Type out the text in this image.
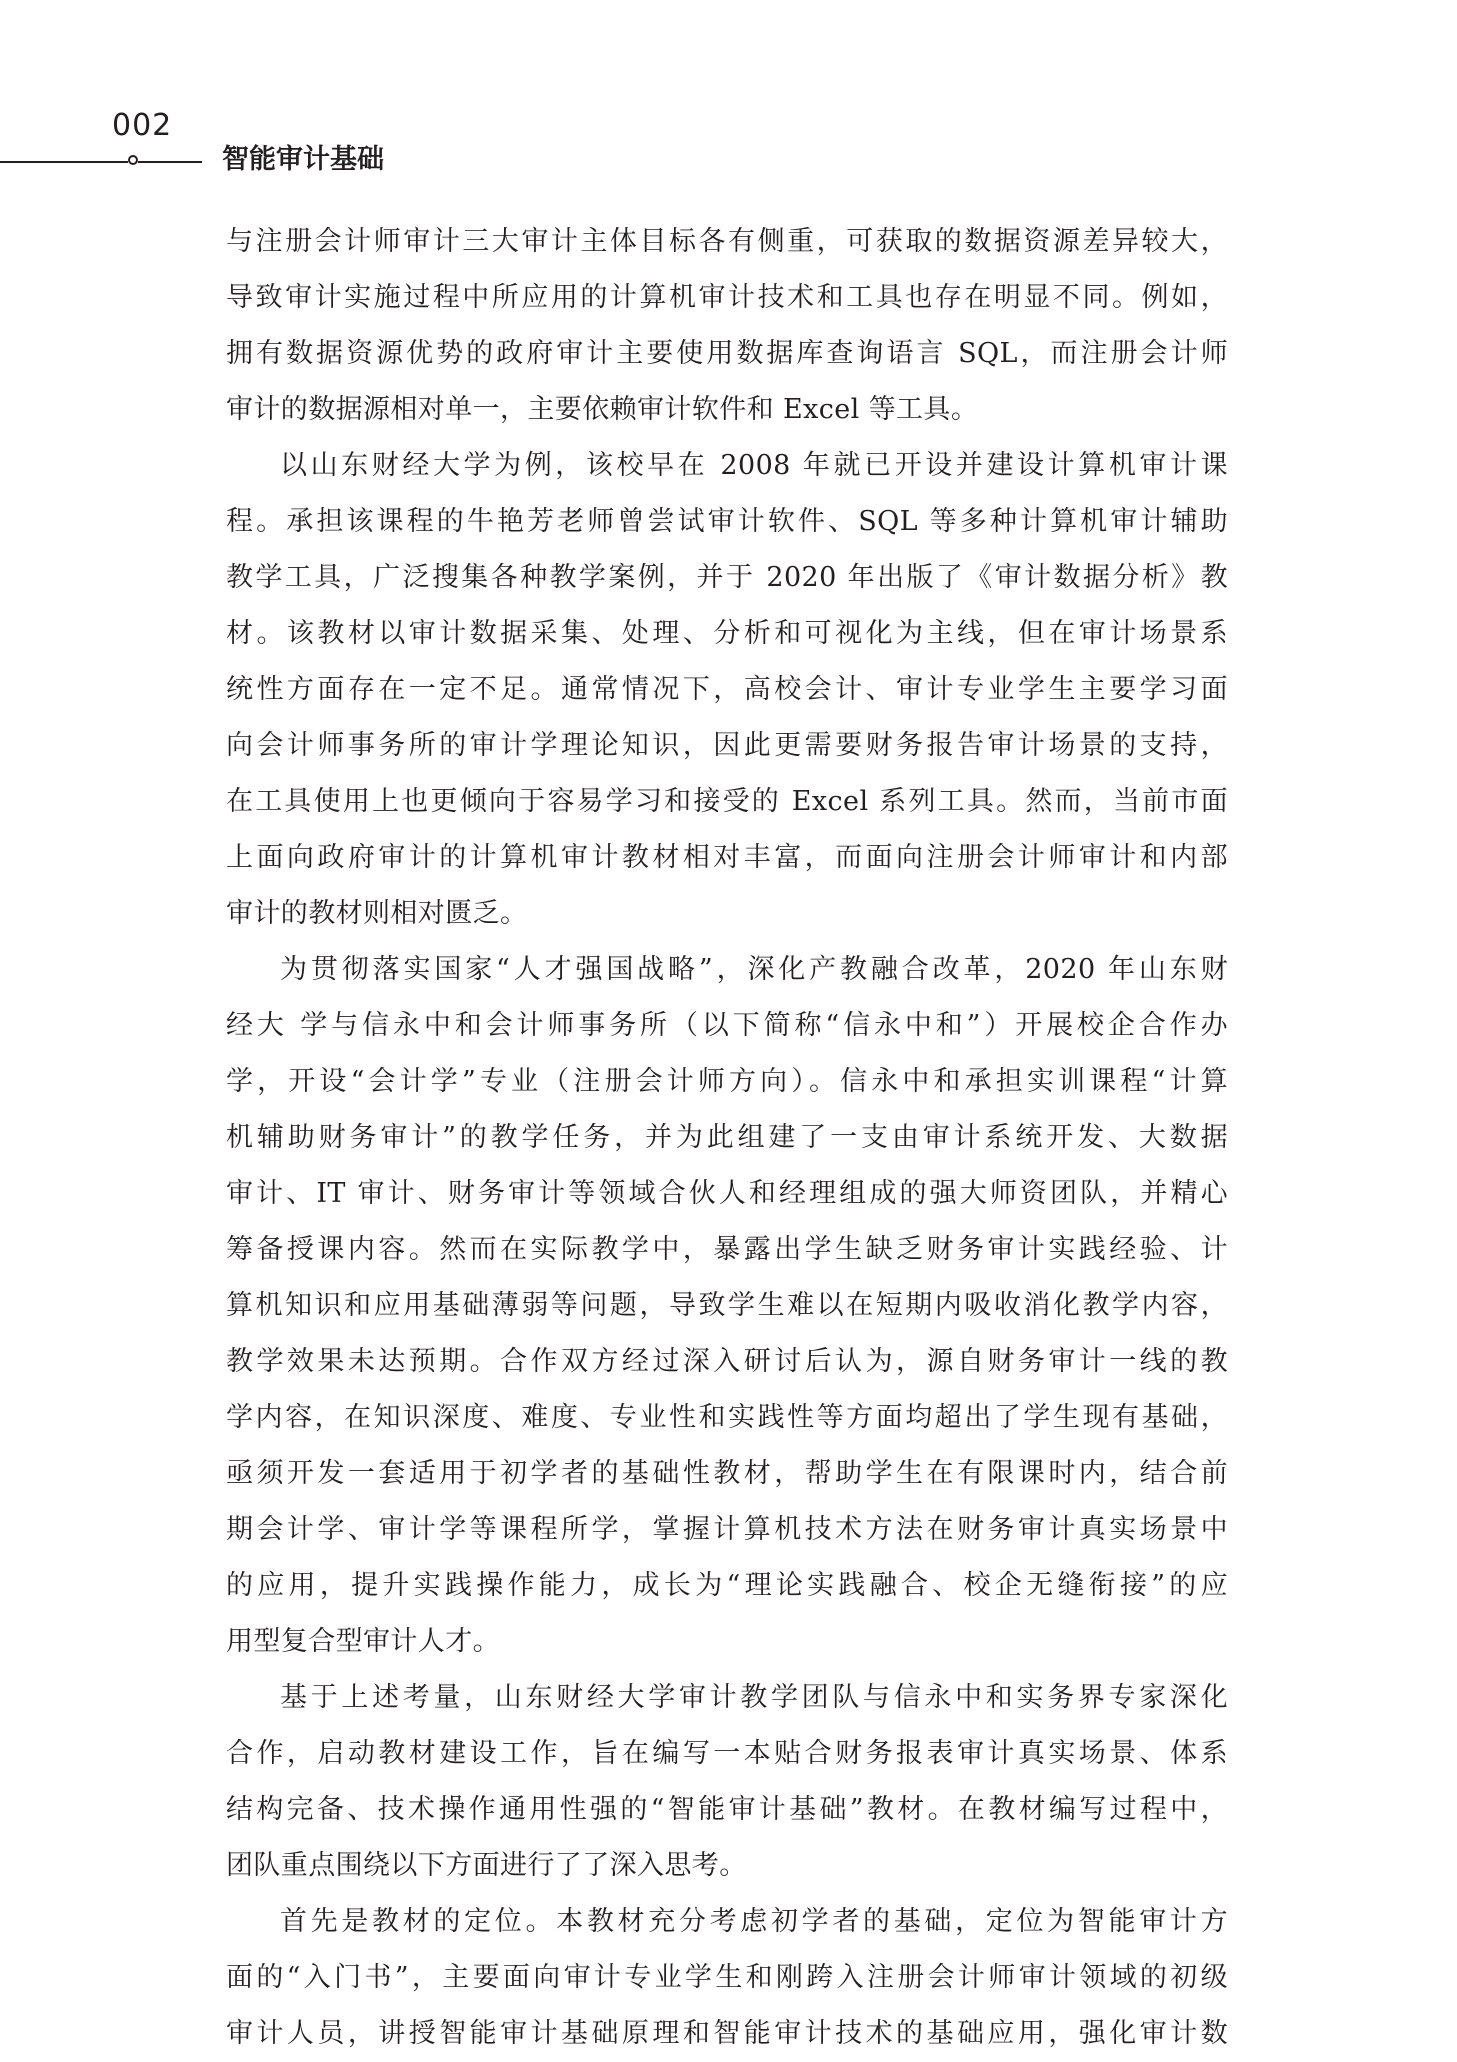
002
智能审计基础
与注册会计师审计三大审计主体目标各有侧重，可获取的数据资源差异较大，
导致审计实施过程中所应用的计算机审计技术和工具也存在明显不同。例如，
拥有数据资源优势的政府审计主要使用数据库查询语言 SQL，而注册会计师
审计的数据源相对单一，主要依赖审计软件和 Excel 等工具。
以山东财经大学为例，该校早在 2008 年就已开设并建设计算机审计课
程。承担该课程的牛艳芳老师曾尝试审计软件、SQL 等多种计算机审计辅助
教学工具，广泛搜集各种教学案例，并于 2020 年出版了《审计数据分析》教
材。该教材以审计数据采集、处理、分析和可视化为主线，但在审计场景系
统性方面存在一定不足。通常情况下，高校会计、审计专业学生主要学习面
向会计师事务所的审计学理论知识，因此更需要财务报告审计场景的支持，
在工具使用上也更倾向于容易学习和接受的 Excel 系列工具。然而，当前市面
上面向政府审计的计算机审计教材相对丰富，而面向注册会计师审计和内部
审计的教材则相对匮乏。
为贯彻落实国家“人才强国战略”，深化产教融合改革，2020 年山东财
经大 学与信永中和会计师事务所（以下简称“信永中和”）开展校企合作办
学，开设“会计学”专业（注册会计师方向）。信永中和承担实训课程“计算
机辅助财务审计”的教学任务，并为此组建了一支由审计系统开发、大数据
审计、IT 审计、财务审计等领域合伙人和经理组成的强大师资团队，并精心
筹备授课内容。然而在实际教学中，暴露出学生缺乏财务审计实践经验、计
算机知识和应用基础薄弱等问题，导致学生难以在短期内吸收消化教学内容，
教学效果未达预期。合作双方经过深入研讨后认为，源自财务审计一线的教
学内容，在知识深度、难度、专业性和实践性等方面均超出了学生现有基础，
亟须开发一套适用于初学者的基础性教材，帮助学生在有限课时内，结合前
期会计学、审计学等课程所学，掌握计算机技术方法在财务审计真实场景中
的应用，提升实践操作能力，成长为“理论实践融合、校企无缝衔接”的应
用型复合型审计人才。
基于上述考量，山东财经大学审计教学团队与信永中和实务界专家深化
合作，启动教材建设工作，旨在编写一本贴合财务报表审计真实场景、体系
结构完备、技术操作通用性强的“智能审计基础”教材。在教材编写过程中，
团队重点围绕以下方面进行了了深入思考。
首先是教材的定位。本教材充分考虑初学者的基础，定位为智能审计方
面的“入门书”，主要面向审计专业学生和刚跨入注册会计师审计领域的初级
审计人员，讲授智能审计基础原理和智能审计技术的基础应用，强化审计数
